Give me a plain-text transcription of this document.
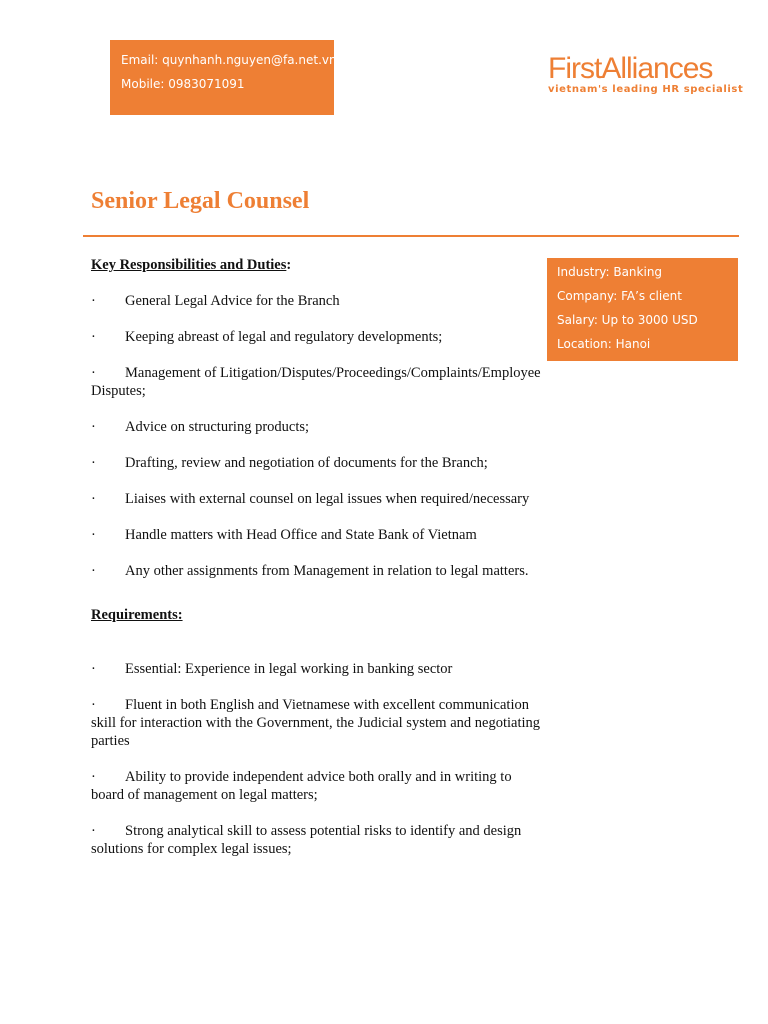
Email: quynhanh.nguyen@fa.net.vn
Mobile: 0983071091	FirstAlliances
vietnam's leading HR specialist
Senior Legal Counsel
Industry: Banking
Company: FA’s client
Salary: Up to 3000 USD
Location: Hanoi

Key Responsibilities and Duties:

· General Legal Advice for the Branch
· Keeping abreast of legal and regulatory developments;
· Management of Litigation/Disputes/Proceedings/Complaints/Employee Disputes;
· Advice on structuring products;
· Drafting, review and negotiation of documents for the Branch;
· Liaises with external counsel on legal issues when required/necessary
· Handle matters with Head Office and State Bank of Vietnam
· Any other assignments from Management in relation to legal matters.

Requirements:

· Essential: Experience in legal working in banking sector
· Fluent in both English and Vietnamese with excellent communication skill for interaction with the Government, the Judicial system and negotiating parties
· Ability to provide independent advice both orally and in writing to board of management on legal matters;
· Strong analytical skill to assess potential risks to identify and design solutions for complex legal issues;
